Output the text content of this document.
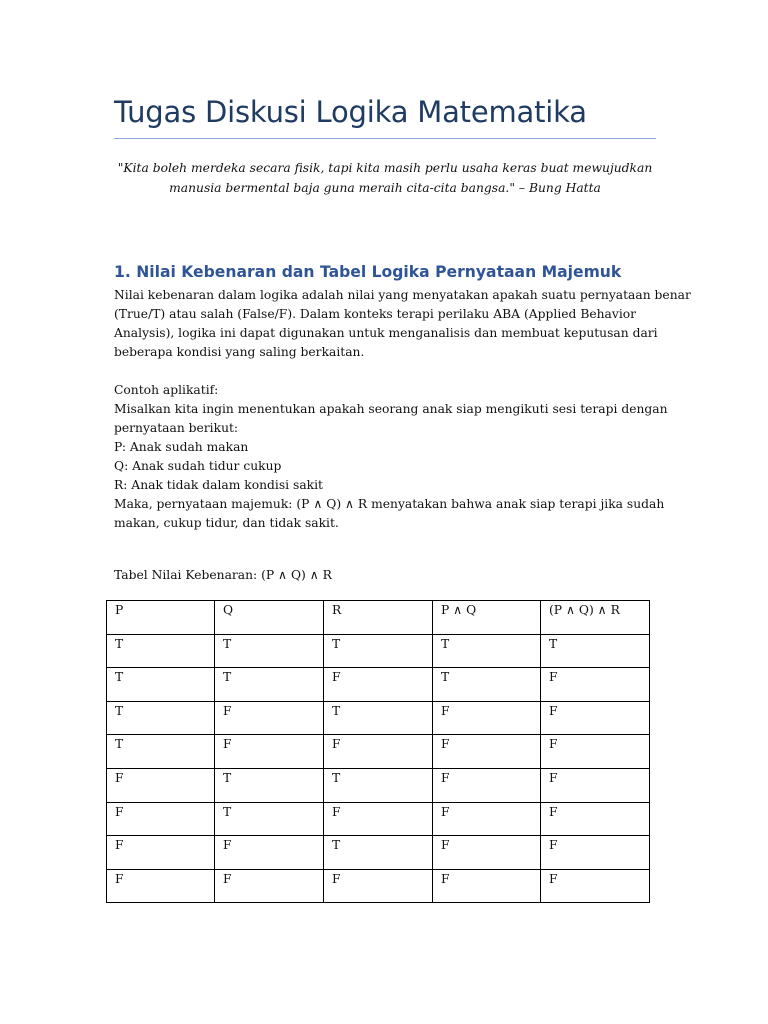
Tugas Diskusi Logika Matematika

"Kita boleh merdeka secara fisik, tapi kita masih perlu usaha keras buat mewujudkan manusia bermental baja guna meraih cita-cita bangsa." – Bung Hatta

1. Nilai Kebenaran dan Tabel Logika Pernyataan Majemuk

Nilai kebenaran dalam logika adalah nilai yang menyatakan apakah suatu pernyataan benar
(True/T) atau salah (False/F). Dalam konteks terapi perilaku ABA (Applied Behavior
Analysis), logika ini dapat digunakan untuk menganalisis dan membuat keputusan dari
beberapa kondisi yang saling berkaitan.

Contoh aplikatif:
Misalkan kita ingin menentukan apakah seorang anak siap mengikuti sesi terapi dengan
pernyataan berikut:
P: Anak sudah makan
Q: Anak sudah tidur cukup
R: Anak tidak dalam kondisi sakit
Maka, pernyataan majemuk: (P ∧ Q) ∧ R menyatakan bahwa anak siap terapi jika sudah
makan, cukup tidur, dan tidak sakit.

Tabel Nilai Kebenaran: (P ∧ Q) ∧ R

P	Q	R	P ∧ Q	(P ∧ Q) ∧ R
T	T	T	T	T
T	T	F	T	F
T	F	T	F	F
T	F	F	F	F
F	T	T	F	F
F	T	F	F	F
F	F	T	F	F
F	F	F	F	F
